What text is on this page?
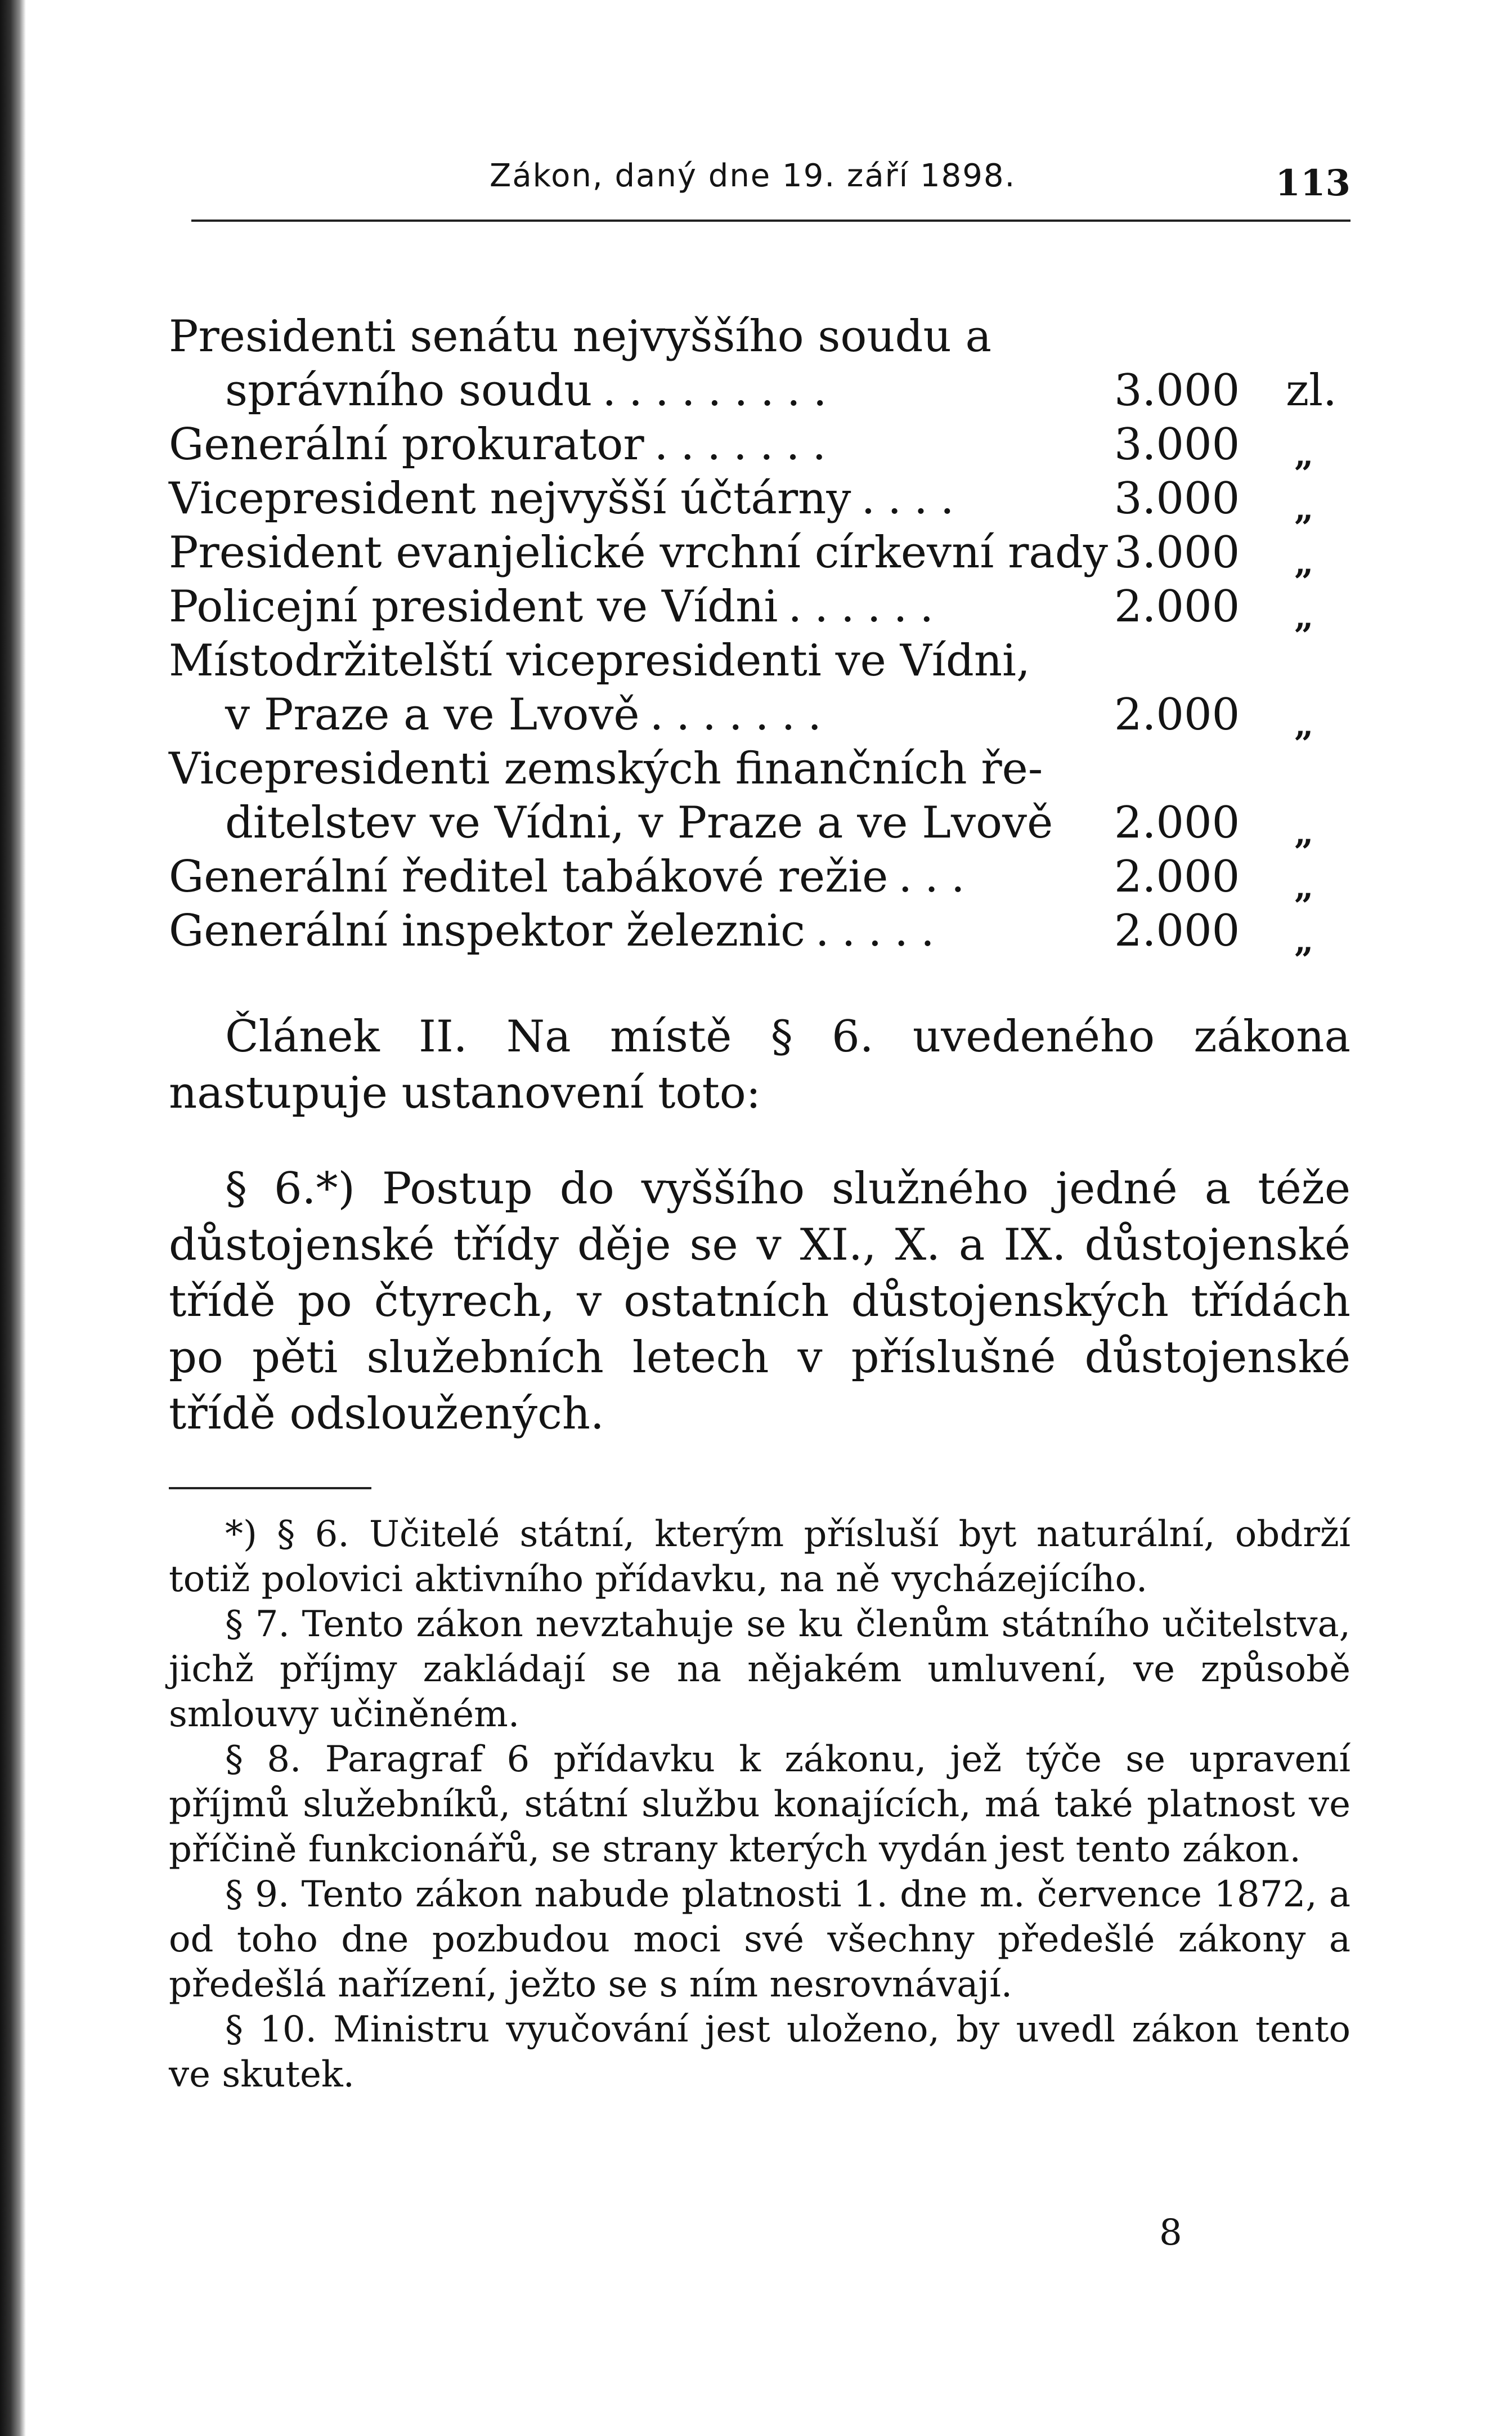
Zákon, daný dne 19. září 1898.	113
Presidenti senátu nejvyššího soudu a
správního soudu .........	3.000 zl.
Generální prokurator .......	3.000 „
Vicepresident nejvyšší účtárny ....	3.000 „
President evanjelické vrchní církevní rady 3.000 „
Policejní president ve Vídni ......	2.000 „
Místodržitelští vicepresidenti ve Vídni,
v Praze a ve Lvově .......	2.000 „
Vicepresidenti zemských finančních ře-
ditelstev ve Vídni, v Praze a ve Lvově 2.000 „
Generální ředitel tabákové režie ...	2.000 „
Generální inspektor železnic .....	2.000 „

Článek II. Na místě § 6. uvedeného zákona nastupuje ustanovení toto:

§ 6.*) Postup do vyššího služného jedné a téže důstojenské třídy děje se v XI., X. a IX. důstojenské třídě po čtyrech, v ostatních důstojenských třídách po pěti služebních letech v příslušné důstojenské třídě odsloužených.

*) § 6. Učitelé státní, kterým přísluší byt naturální, obdrží totiž polovici aktivního přídavku, na ně vycházejícího.

§ 7. Tento zákon nevztahuje se ku členům státního učitelstva, jichž příjmy zakládají se na nějakém umluvení, ve způsobě smlouvy učiněném.

§ 8. Paragraf 6 přídavku k zákonu, jež týče se upravení příjmů služebníků, státní službu konajících, má také platnost ve příčině funkcionářů, se strany kterých vydán jest tento zákon.

§ 9. Tento zákon nabude platnosti 1. dne m. července 1872, a od toho dne pozbudou moci své všechny předešlé zákony a předešlá nařízení, ježto se s ním nesrovnávají.

§ 10. Ministru vyučování jest uloženo, by uvedl zákon tento ve skutek.

8
